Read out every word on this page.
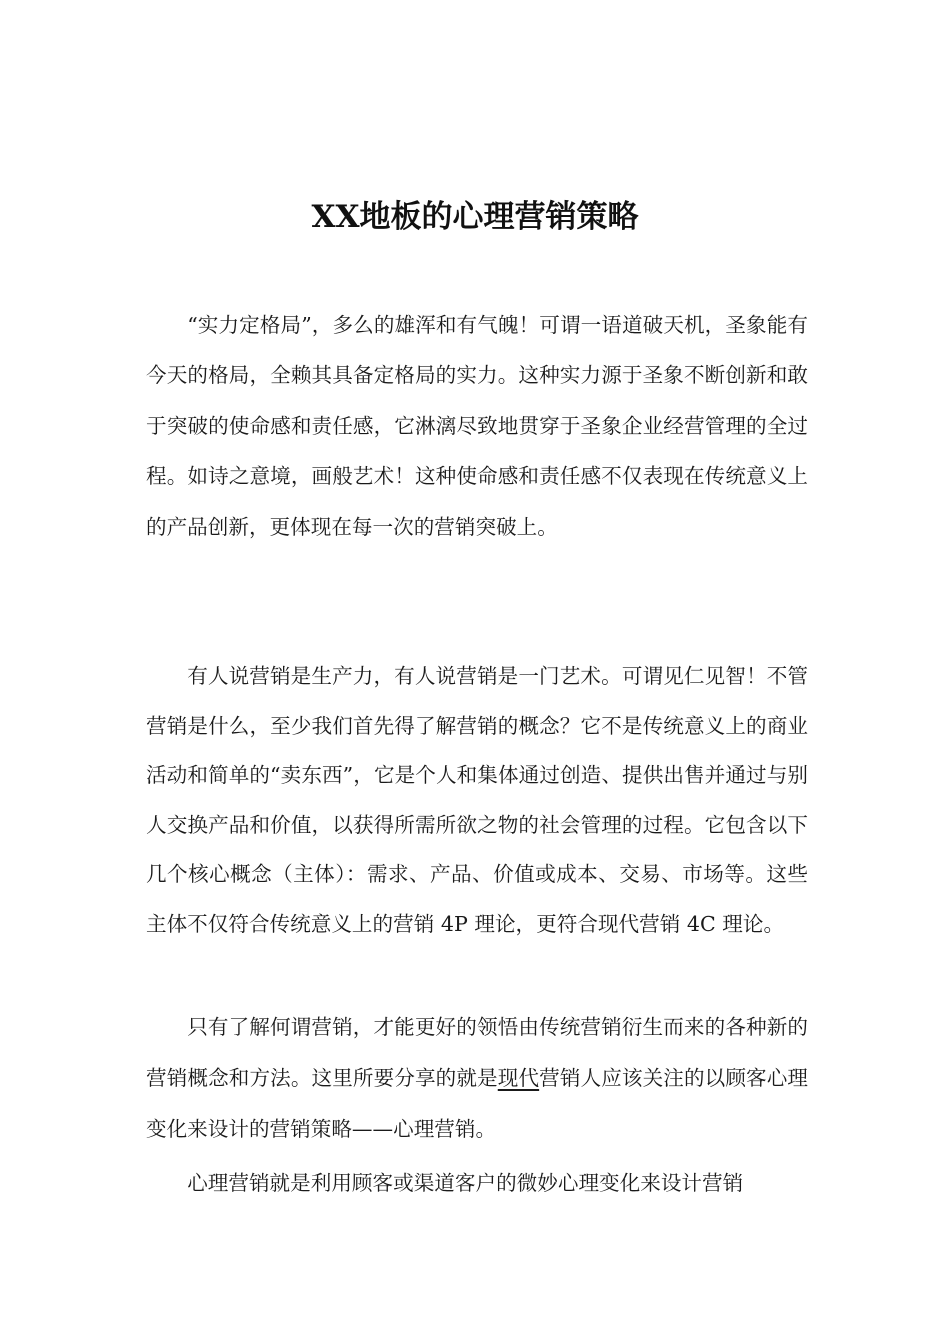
XX地板的心理营销策略

“实力定格局”，多么的雄浑和有气魄！可谓一语道破天机，圣象能有今天的格局，全赖其具备定格局的实力。这种实力源于圣象不断创新和敢于突破的使命感和责任感，它淋漓尽致地贯穿于圣象企业经营管理的全过程。如诗之意境，画般艺术！这种使命感和责任感不仅表现在传统意义上的产品创新，更体现在每一次的营销突破上。

有人说营销是生产力，有人说营销是一门艺术。可谓见仁见智！不管营销是什么，至少我们首先得了解营销的概念？它不是传统意义上的商业活动和简单的“卖东西”，它是个人和集体通过创造、提供出售并通过与别人交换产品和价值，以获得所需所欲之物的社会管理的过程。它包含以下几个核心概念（主体）：需求、产品、价值或成本、交易、市场等。这些主体不仅符合传统意义上的营销 4P 理论，更符合现代营销 4C 理论。

只有了解何谓营销，才能更好的领悟由传统营销衍生而来的各种新的营销概念和方法。这里所要分享的就是现代营销人应该关注的以顾客心理变化来设计的营销策略——心理营销。

心理营销就是利用顾客或渠道客户的微妙心理变化来设计营销
